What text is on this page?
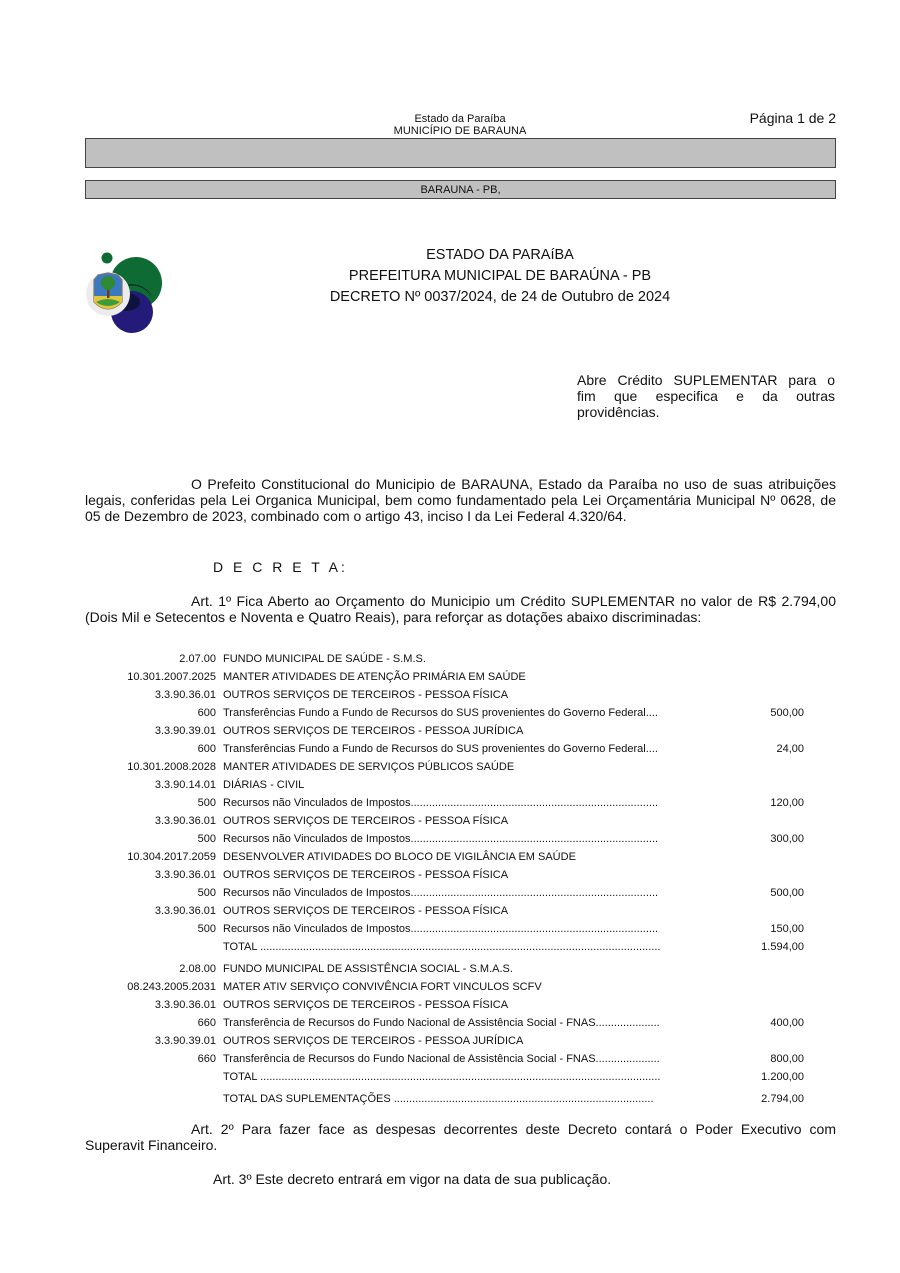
Estado da Paraíba
MUNICÍPIO DE BARAUNA
Página 1 de 2
BARAUNA - PB,
ESTADO DA PARAíBA
PREFEITURA MUNICIPAL DE BARAÚNA - PB
DECRETO Nº 0037/2024, de 24 de Outubro de 2024
Abre Crédito SUPLEMENTAR para o
fim que especifica e da outras
providências.
O Prefeito Constitucional do Municipio de BARAUNA, Estado da Paraíba no uso de suas atribuições legais, conferidas pela Lei Organica Municipal, bem como fundamentado pela Lei Orçamentária Municipal Nº 0628, de 05 de Dezembro de 2023, combinado com o artigo 43, inciso I da Lei Federal 4.320/64.
D E C R E T A:
Art. 1º Fica Aberto ao Orçamento do Municipio um Crédito SUPLEMENTAR no valor de R$ 2.794,00 (Dois Mil e Setecentos e Noventa e Quatro Reais), para reforçar as dotações abaixo discriminadas:
2.07.00 FUNDO MUNICIPAL DE SAÚDE - S.M.S.
10.301.2007.2025 MANTER ATIVIDADES DE ATENÇÃO PRIMÁRIA EM SAÚDE
3.3.90.36.01 OUTROS SERVIÇOS DE TERCEIROS - PESSOA FÍSICA
600 Transferências Fundo a Fundo de Recursos do SUS provenientes do Governo Federal....	500,00
3.3.90.39.01 OUTROS SERVIÇOS DE TERCEIROS - PESSOA JURÍDICA
600 Transferências Fundo a Fundo de Recursos do SUS provenientes do Governo Federal....	24,00
10.301.2008.2028 MANTER ATIVIDADES DE SERVIÇOS PÚBLICOS SAÚDE
3.3.90.14.01 DIÁRIAS - CIVIL
500 Recursos não Vinculados de Impostos.................................................................................	120,00
3.3.90.36.01 OUTROS SERVIÇOS DE TERCEIROS - PESSOA FÍSICA
500 Recursos não Vinculados de Impostos.................................................................................	300,00
10.304.2017.2059 DESENVOLVER ATIVIDADES DO BLOCO DE VIGILÂNCIA EM SAÚDE
3.3.90.36.01 OUTROS SERVIÇOS DE TERCEIROS - PESSOA FÍSICA
500 Recursos não Vinculados de Impostos.................................................................................	500,00
3.3.90.36.01 OUTROS SERVIÇOS DE TERCEIROS - PESSOA FÍSICA
500 Recursos não Vinculados de Impostos.................................................................................	150,00
TOTAL ...................................................................................................................................	1.594,00
2.08.00 FUNDO MUNICIPAL DE ASSISTÊNCIA SOCIAL - S.M.A.S.
08.243.2005.2031 MATER ATIV SERVIÇO CONVIVÊNCIA FORT VINCULOS SCFV
3.3.90.36.01 OUTROS SERVIÇOS DE TERCEIROS - PESSOA FÍSICA
660 Transferência de Recursos do Fundo Nacional de Assistência Social - FNAS.....................	400,00
3.3.90.39.01 OUTROS SERVIÇOS DE TERCEIROS - PESSOA JURÍDICA
660 Transferência de Recursos do Fundo Nacional de Assistência Social - FNAS.....................	800,00
TOTAL ...................................................................................................................................	1.200,00
TOTAL DAS SUPLEMENTAÇÕES .....................................................................................	2.794,00
Art. 2º Para fazer face as despesas decorrentes deste Decreto contará o Poder Executivo com Superavit Financeiro.
Art. 3º Este decreto entrará em vigor na data de sua publicação.
